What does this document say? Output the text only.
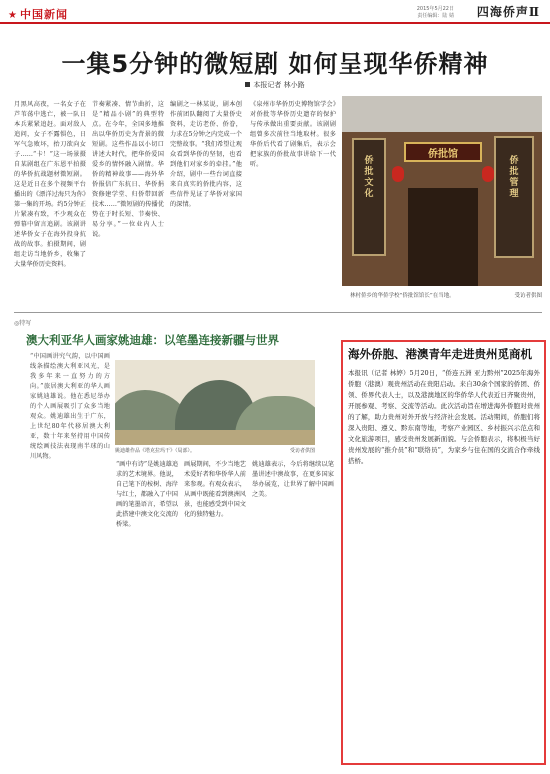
★ 中国新闻	2015年5月22日
责任编辑：陆 婧 四海侨声Ⅱ
一集5分钟的微短剧 如何呈现华侨精神
本报记者 林小路
月黑风高夜，一名女子在芦苇荡中逃亡，被一队日本兵紧紧追赶。面对敌人追问，女子不露惧色，日军气急败坏，抬刀欲向女子……“卡！”这一场景摄自某剧组在广东恩平拍摄的华侨抗战题材微短剧。这是近日在多个视频平台播出的《漂洋过海只为你》第一集的开场。约5分钟正片紧凑有致，不少观众在弹幕中留言追剧。该剧讲述华侨女子在海外投身抗战的故事。拍摄期间，剧组走访当地侨乡，收集了大量华侨历史资料。
节奏紧凑、情节曲折，这是“精品小剧”的典型特点。在今年，全国多地推出以华侨历史为背景的微短剧。这些作品以小切口讲述大时代，把华侨爱国爱乡的情怀融入剧情。华侨的精神故事——海外华侨报信广东抗日、华侨捐资修建学堂、归侨带回新技术……“微短剧的传播优势在于时长短、节奏快、易分享。”一位业内人士说。
编剧之一林某说，剧本创作前团队翻阅了大量侨史资料，走访老侨、侨眷，力求在5分钟之内完成一个完整故事。“我们希望让观众看到华侨的坚韧，也看到他们对家乡的牵挂。”他介绍，剧中一些台词直接来自真实的侨批内容，这些信件见证了华侨对家国的深情。
《泉州市华侨历史博物馆学会》对侨批等华侨历史遗存的保护与传承做出重要贡献。该剧剧组曾多次前往当地取材。很多华侨后代看了剧集后，表示会把家族的侨批故事讲给下一代听。	侨批文化
侨批馆
侨批管理
林村侨乡的华侨学校“侨批馆馆长”在当地。	受访者供图
◎特写
澳大利亚华人画家姚迪雄：以笔墨连接新疆与世界
“中国画讲究气韵，以中国画线条描绘澳大利亚风光，是我多年来一直努力的方向。”旅居澳大利亚的华人画家姚迪雄说。他在悉尼举办的个人画展吸引了众多当地观众。姚迪雄出生于广东，上世纪80年代移居澳大利亚，数十年来坚持用中国传统绘画技法表现南半球的山川风物。
“画中有诗”是姚迪雄追求的艺术境界。他说，自己笔下的桉树、海岸与红土，都融入了中国画的笔墨语言，希望以此搭建中澳文化交流的桥梁。
画展期间，不少当地艺术爱好者和华侨华人前来参观。有观众表示，从画中既能看到澳洲风景，也能感受到中国文化的独特魅力。
姚迪雄表示，今后将继续以笔墨讲述中澳故事，在更多国家举办展览，让世界了解中国画之美。
姚迪雄作品《塔克拉玛干》（局部）。	受访者供图
海外侨胞、港澳青年走进贵州觅商机
本报讯（记者 林婷）5月20日，“侨连五洲 亚力黔州”2025年海外侨胞（港澳）观贵州活动在贵阳启动。来自30余个国家的侨团、侨领、侨界代表人士，以及港澳地区的华侨华人代表近日齐聚贵州，开展参观、考察、交流等活动。此次活动旨在增进海外侨胞对贵州的了解，助力贵州对外开放与经济社会发展。活动期间，侨胞们将深入贵阳、遵义、黔东南等地，考察产业园区、乡村振兴示范点和文化旅游项目，感受贵州发展新面貌。与会侨胞表示，将积极当好贵州发展的“推介员”和“联络员”，为家乡与住在国的交流合作牵线搭桥。
